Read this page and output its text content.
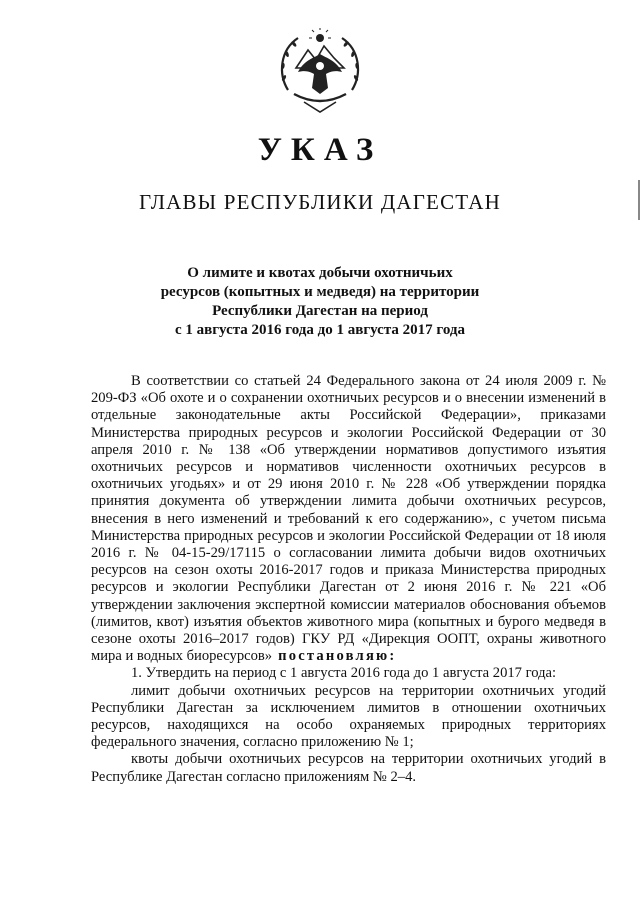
УКАЗ
ГЛАВЫ РЕСПУБЛИКИ ДАГЕСТАН
О лимите и квотах добычи охотничьих
ресурсов (копытных и медведя) на территории
Республики Дагестан на период
с 1 августа 2016 года до 1 августа 2017 года

В соответствии со статьей 24 Федерального закона от 24 июля 2009 г. № 209-ФЗ «Об охоте и о сохранении охотничьих ресурсов и о внесении изменений в отдельные законодательные акты Российской Федерации», приказами Министерства природных ресурсов и экологии Российской Федерации от 30 апреля 2010 г. № 138 «Об утверждении нормативов допустимого изъятия охотничьих ресурсов и нормативов численности охотничьих ресурсов в охотничьих угодьях» и от 29 июня 2010 г. № 228 «Об утверждении порядка принятия документа об утверждении лимита добычи охотничьих ресурсов, внесения в него изменений и требований к его содержанию», с учетом письма Министерства природных ресурсов и экологии Российской Федерации от 18 июля 2016 г. № 04-15-29/17115 о согласовании лимита добычи видов охотничьих ресурсов на сезон охоты 2016-2017 годов и приказа Министерства природных ресурсов и экологии Республики Дагестан от 2 июня 2016 г. № 221 «Об утверждении заключения экспертной комиссии материалов обоснования объемов (лимитов, квот) изъятия объектов животного мира (копытных и бурого медведя в сезоне охоты 2016–2017 годов) ГКУ РД «Дирекция ООПТ, охраны животного мира и водных биоресурсов» постановляю:

1. Утвердить на период с 1 августа 2016 года до 1 августа 2017 года:

лимит добычи охотничьих ресурсов на территории охотничьих угодий Республики Дагестан за исключением лимитов в отношении охотничьих ресурсов, находящихся на особо охраняемых природных территориях федерального значения, согласно приложению № 1;

квоты добычи охотничьих ресурсов на территории охотничьих угодий в Республике Дагестан согласно приложениям № 2–4.
